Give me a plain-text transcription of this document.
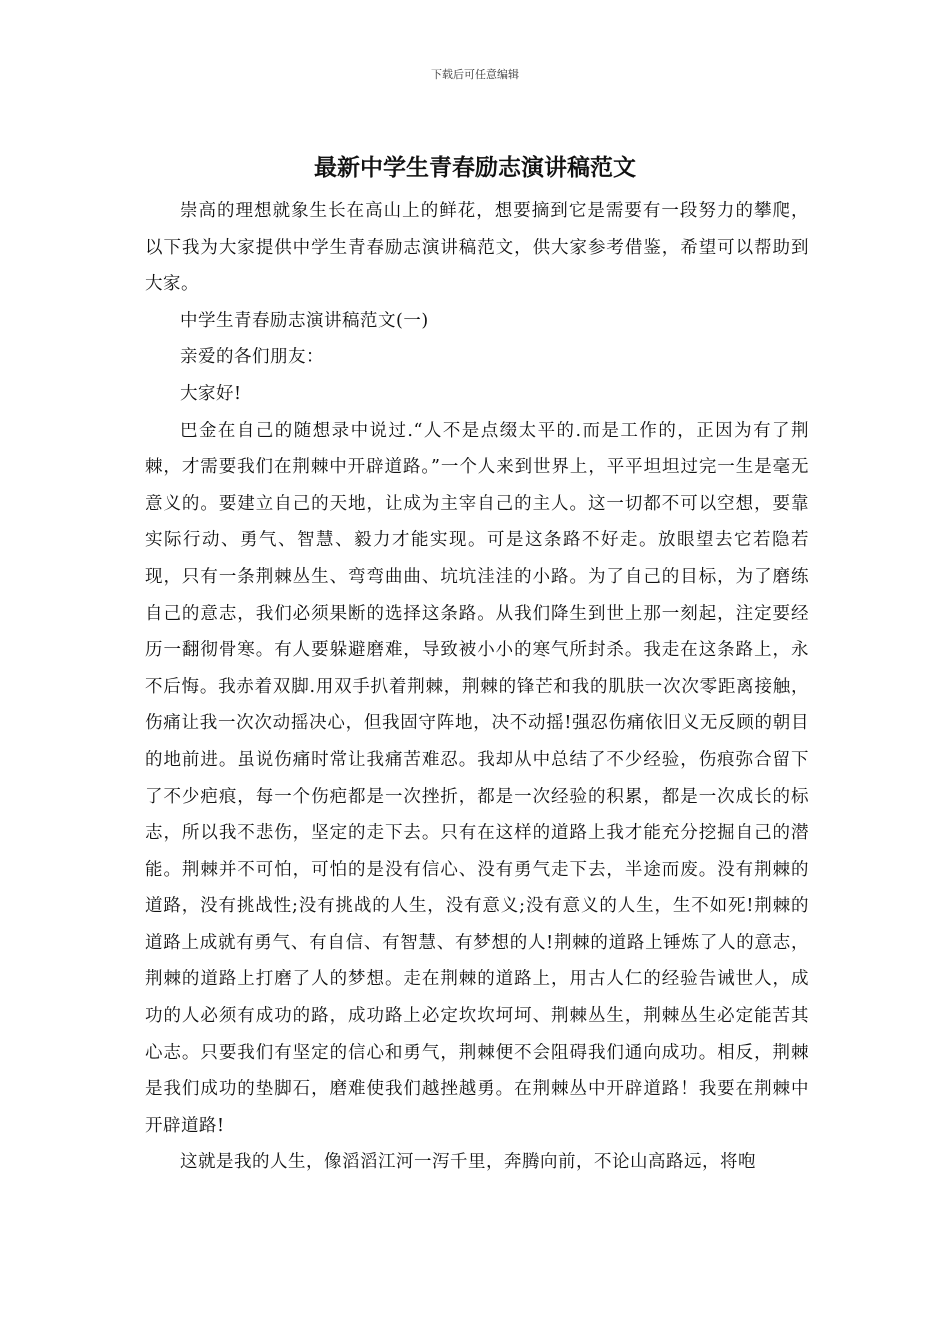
下载后可任意编辑
最新中学生青春励志演讲稿范文

崇高的理想就象生长在高山上的鲜花，想要摘到它是需要有一段努力的攀爬，以下我为大家提供中学生青春励志演讲稿范文，供大家参考借鉴，希望可以帮助到大家。

中学生青春励志演讲稿范文(一)

亲爱的各们朋友：

大家好!

巴金在自己的随想录中说过.“人不是点缀太平的.而是工作的，正因为有了荆棘，才需要我们在荆棘中开辟道路。”一个人来到世界上，平平坦坦过完一生是毫无意义的。要建立自己的天地，让成为主宰自己的主人。这一切都不可以空想，要靠实际行动、勇气、智慧、毅力才能实现。可是这条路不好走。放眼望去它若隐若现，只有一条荆棘丛生、弯弯曲曲、坑坑洼洼的小路。为了自己的目标，为了磨练自己的意志，我们必须果断的选择这条路。从我们降生到世上那一刻起，注定要经历一翻彻骨寒。有人要躲避磨难，导致被小小的寒气所封杀。我走在这条路上，永不后悔。我赤着双脚.用双手扒着荆棘，荆棘的锋芒和我的肌肤一次次零距离接触，伤痛让我一次次动摇决心，但我固守阵地，决不动摇!强忍伤痛依旧义无反顾的朝目的地前进。虽说伤痛时常让我痛苦难忍。我却从中总结了不少经验，伤痕弥合留下了不少疤痕，每一个伤疤都是一次挫折，都是一次经验的积累，都是一次成长的标志，所以我不悲伤，坚定的走下去。只有在这样的道路上我才能充分挖掘自己的潜能。荆棘并不可怕，可怕的是没有信心、没有勇气走下去，半途而废。没有荆棘的道路，没有挑战性;没有挑战的人生，没有意义;没有意义的人生，生不如死!荆棘的道路上成就有勇气、有自信、有智慧、有梦想的人!荆棘的道路上锤炼了人的意志，荆棘的道路上打磨了人的梦想。走在荆棘的道路上，用古人仁的经验告诫世人，成功的人必须有成功的路，成功路上必定坎坎坷坷、荆棘丛生，荆棘丛生必定能苦其心志。只要我们有坚定的信心和勇气，荆棘便不会阻碍我们通向成功。相反，荆棘是我们成功的垫脚石，磨难使我们越挫越勇。在荆棘丛中开辟道路！我要在荆棘中开辟道路!

这就是我的人生，像滔滔江河一泻千里，奔腾向前，不论山高路远，将咆
